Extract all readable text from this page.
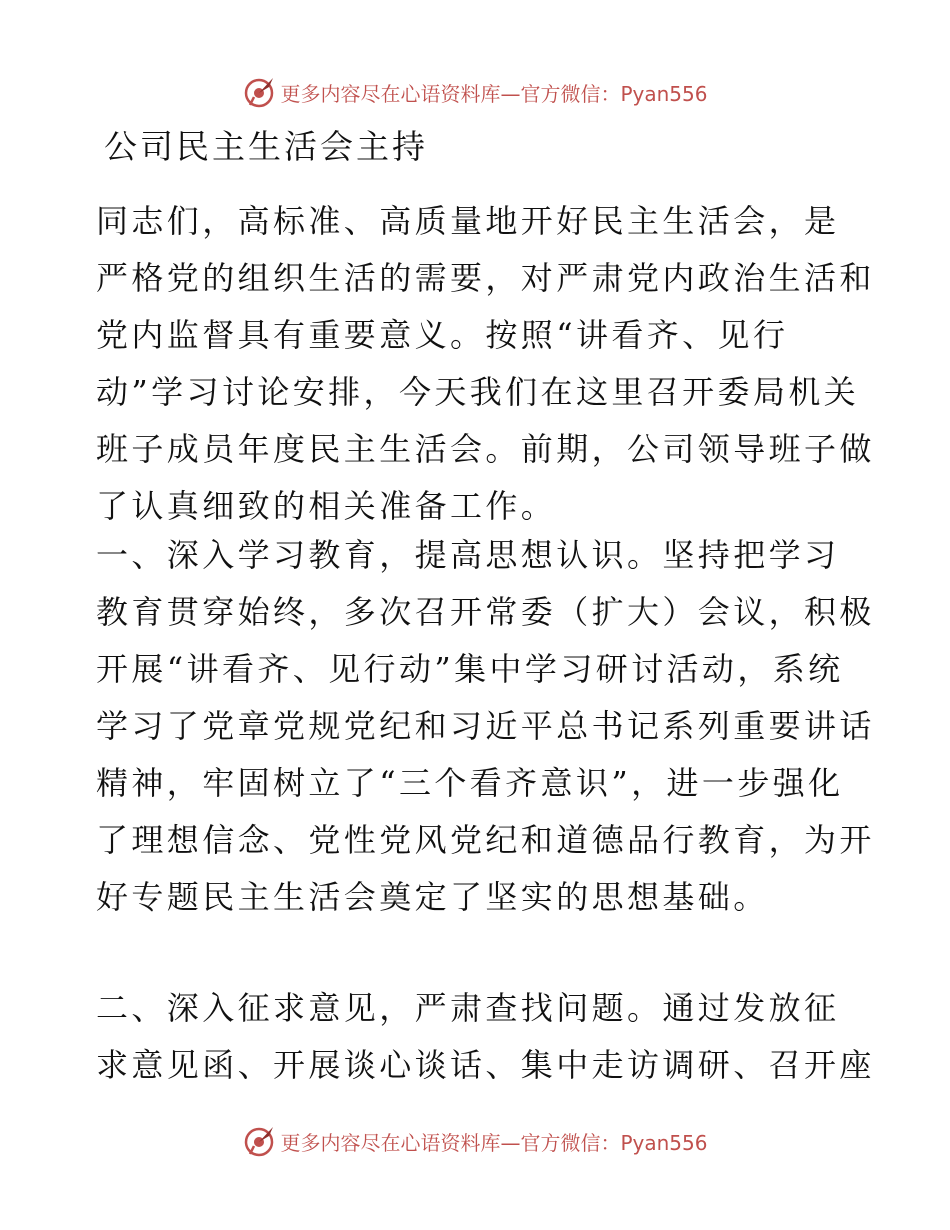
更多内容尽在心语资料库—官方微信：Pyan556
公司民主生活会主持
同志们，高标准、高质量地开好民主生活会，是
严格党的组织生活的需要，对严肃党内政治生活和
党内监督具有重要意义。按照“讲看齐、见行
动”学习讨论安排，今天我们在这里召开委局机关
班子成员年度民主生活会。前期，公司领导班子做
了认真细致的相关准备工作。
一、深入学习教育，提高思想认识。坚持把学习
教育贯穿始终，多次召开常委（扩大）会议，积极
开展“讲看齐、见行动”集中学习研讨活动，系统
学习了党章党规党纪和习近平总书记系列重要讲话
精神，牢固树立了“三个看齐意识”，进一步强化
了理想信念、党性党风党纪和道德品行教育，为开
好专题民主生活会奠定了坚实的思想基础。
二、深入征求意见，严肃查找问题。通过发放征
求意见函、开展谈心谈话、集中走访调研、召开座
更多内容尽在心语资料库—官方微信：Pyan556
